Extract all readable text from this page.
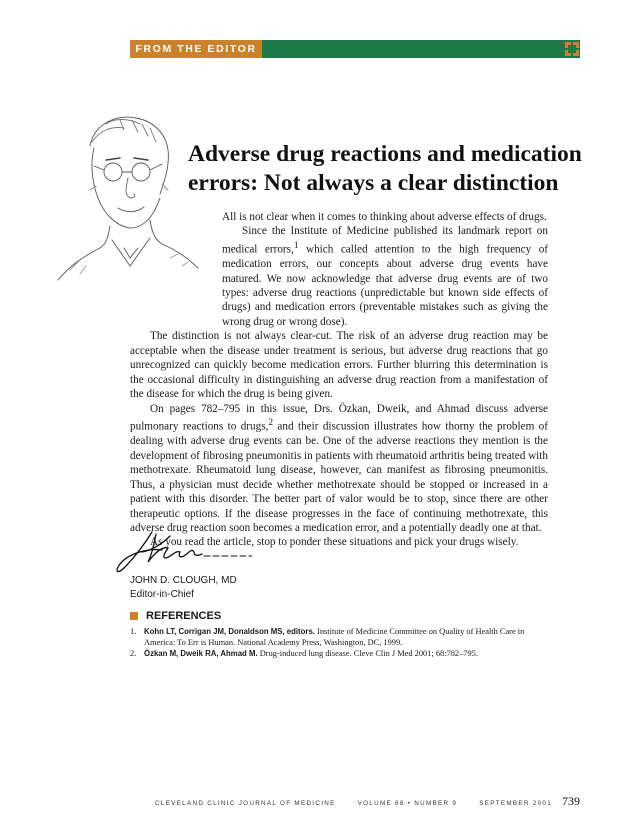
FROM THE EDITOR
Adverse drug reactions and medication
errors: Not always a clear distinction

All is not clear when it comes to thinking about adverse effects of drugs.

Since the Institute of Medicine published its landmark report on medical errors,$^1$ which called attention to the high frequency of medication errors, our concepts about adverse drug events have matured. We now acknowledge that adverse drug events are of two types: adverse drug reactions (unpredictable but known side effects of drugs) and medication errors (preventable mistakes such as giving the wrong drug or wrong dose).

The distinction is not always clear-cut. The risk of an adverse drug reaction may be acceptable when the disease under treatment is serious, but adverse drug reactions that go unrecognized can quickly become medication errors. Further blurring this determination is the occasional difficulty in distinguishing an adverse drug reaction from a manifestation of the disease for which the drug is being given.

On pages 782–795 in this issue, Drs. Özkan, Dweik, and Ahmad discuss adverse pulmonary reactions to drugs,$^2$ and their discussion illustrates how thorny the problem of dealing with adverse drug events can be. One of the adverse reactions they mention is the development of fibrosing pneumonitis in patients with rheumatoid arthritis being treated with methotrexate. Rheumatoid lung disease, however, can manifest as fibrosing pneumonitis. Thus, a physician must decide whether methotrexate should be stopped or increased in a patient with this disorder. The better part of valor would be to stop, since there are other therapeutic options. If the disease progresses in the face of continuing methotrexate, this adverse drug reaction soon becomes a medication error, and a potentially deadly one at that.

As you read the article, stop to ponder these situations and pick your drugs wisely.

JOHN D. CLOUGH, MD
Editor-in-Chief
REFERENCES
1. Kohn LT, Corrigan JM, Donaldson MS, editors. Institute of Medicine Committee on Quality of Health Care in America: To Err is Human. National Academy Press, Washington, DC, 1999.
2. Özkan M, Dweik RA, Ahmad M. Drug-induced lung disease. Cleve Clin J Med 2001; 68:782–795.
CLEVELAND CLINIC JOURNAL OF MEDICINE	VOLUME 68 • NUMBER 9	SEPTEMBER 2001 739
